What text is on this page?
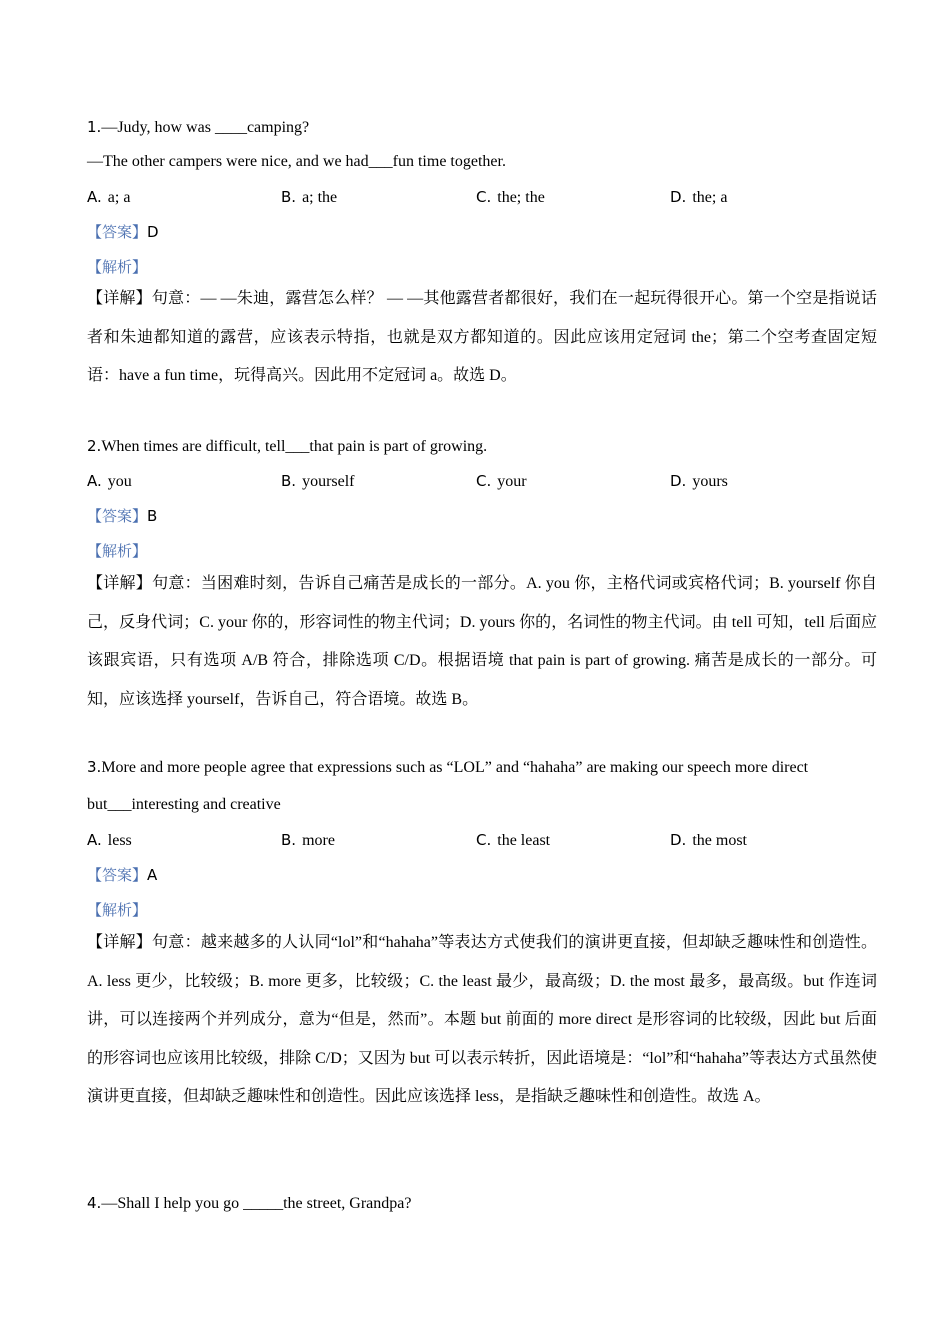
1.—Judy, how was ____camping?
—The other campers were nice, and we had___fun time together.
A. a; a	B. a; the	C. the; the	D. the; a
【答案】D
【解析】
【详解】句意：— —朱迪，露营怎么样？ — —其他露营者都很好，我们在一起玩得很开心。第一个空是指说话者和朱迪都知道的露营，应该表示特指，也就是双方都知道的。因此应该用定冠词 the；第二个空考查固定短语：have a fun time，玩得高兴。因此用不定冠词 a。故选 D。
2.When times are difficult, tell___that pain is part of growing.
A. you	B. yourself	C. your	D. yours
【答案】B
【解析】
【详解】句意：当困难时刻，告诉自己痛苦是成长的一部分。A. you 你，主格代词或宾格代词；B. yourself 你自己，反身代词；C. your 你的，形容词性的物主代词；D. yours 你的，名词性的物主代词。由 tell 可知，tell 后面应该跟宾语，只有选项 A/B 符合，排除选项 C/D。根据语境 that pain is part of growing. 痛苦是成长的一部分。可知，应该选择 yourself，告诉自己，符合语境。故选 B。
3.More and more people agree that expressions such as “LOL” and “hahaha” are making our speech more direct
but___interesting and creative
A. less	B. more	C. the least	D. the most
【答案】A
【解析】
【详解】句意：越来越多的人认同“lol”和“hahaha”等表达方式使我们的演讲更直接，但却缺乏趣味性和创造性。A. less 更少，比较级；B. more 更多，比较级；C. the least 最少，最高级；D. the most 最多，最高级。but 作连词讲，可以连接两个并列成分，意为“但是，然而”。本题 but 前面的 more direct 是形容词的比较级，因此 but 后面的形容词也应该用比较级，排除 C/D；又因为 but 可以表示转折，因此语境是：“lol”和“hahaha”等表达方式虽然使演讲更直接，但却缺乏趣味性和创造性。因此应该选择 less，是指缺乏趣味性和创造性。故选 A。
4.—Shall I help you go _____the street, Grandpa?
